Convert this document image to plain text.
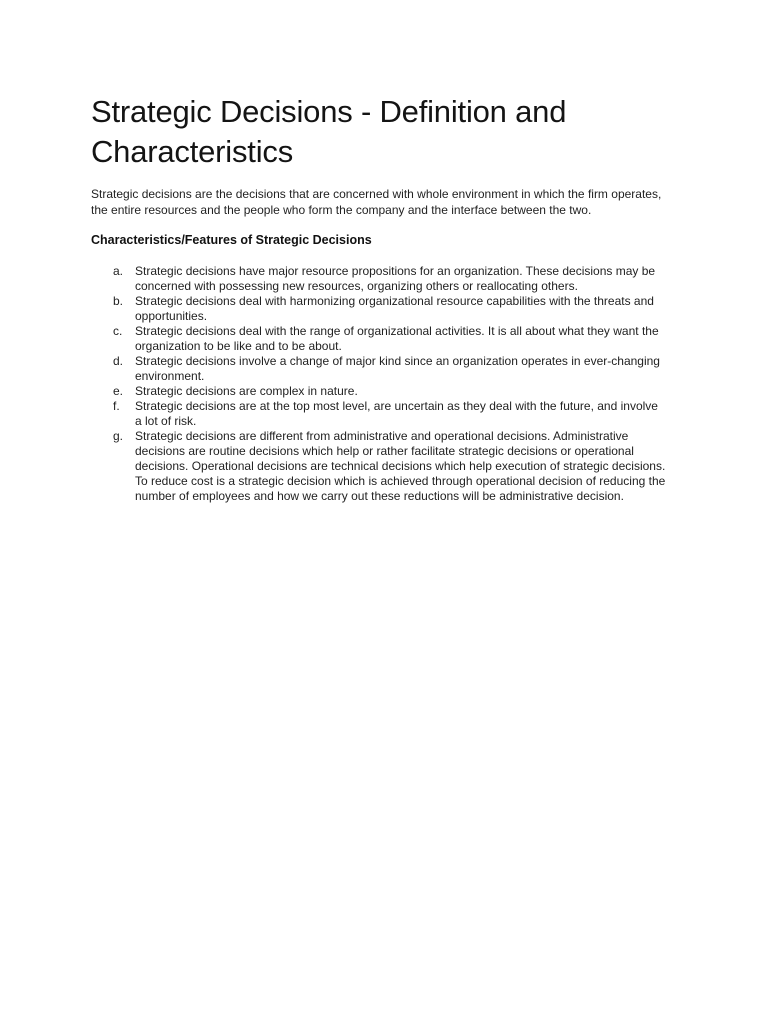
Strategic Decisions - Definition and Characteristics

Strategic decisions are the decisions that are concerned with whole environment in which the firm operates, the entire resources and the people who form the company and the interface between the two.

Characteristics/Features of Strategic Decisions
a. Strategic decisions have major resource propositions for an organization. These decisions may be concerned with possessing new resources, organizing others or reallocating others.
b. Strategic decisions deal with harmonizing organizational resource capabilities with the threats and opportunities.
c.	Strategic decisions deal with the range of organizational activities. It is all about what they want the organization to be like and to be about.
d. Strategic decisions involve a change of major kind since an organization operates in ever-changing environment.
e. Strategic decisions are complex in nature.
f.	Strategic decisions are at the top most level, are uncertain as they deal with the future, and involve a lot of risk.
g. Strategic decisions are different from administrative and operational decisions. Administrative decisions are routine decisions which help or rather facilitate strategic decisions or operational decisions. Operational decisions are technical decisions which help execution of strategic decisions. To reduce cost is a strategic decision which is achieved through operational decision of reducing the number of employees and how we carry out these reductions will be administrative decision.
